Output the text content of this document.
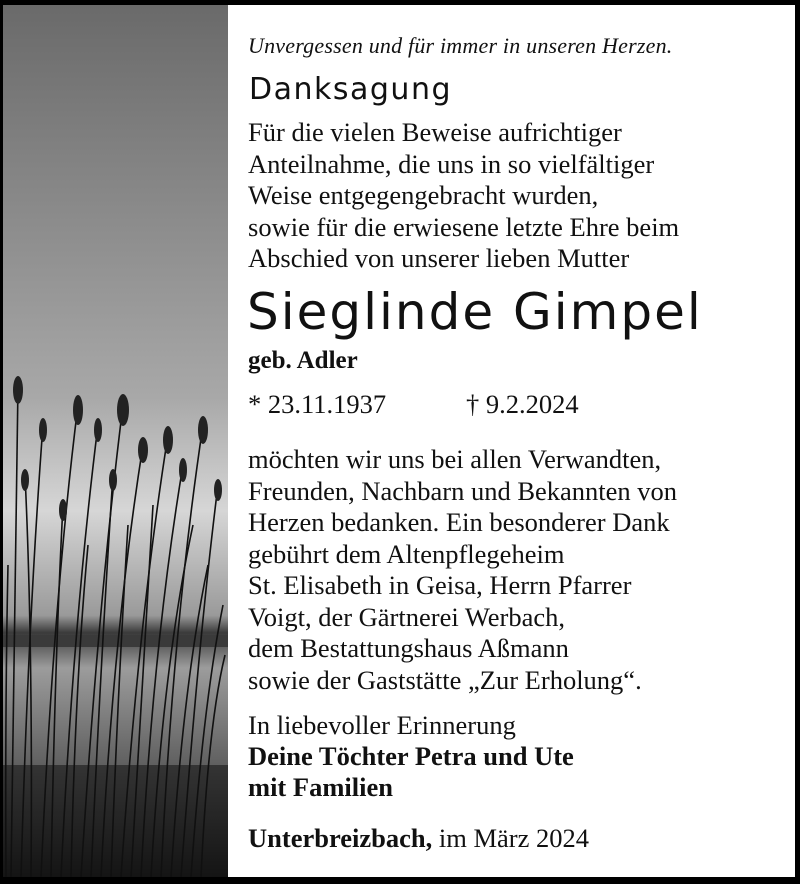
Unvergessen und für immer in unseren Herzen.
Danksagung
Für die vielen Beweise aufrichtiger
Anteilnahme, die uns in so vielfältiger
Weise entgegengebracht wurden,
sowie für die erwiesene letzte Ehre beim
Abschied von unserer lieben Mutter
Sieglinde Gimpel
geb. Adler
* 23.11.1937	† 9.2.2024
möchten wir uns bei allen Verwandten,
Freunden, Nachbarn und Bekannten von
Herzen bedanken. Ein besonderer Dank
gebührt dem Altenpflegeheim
St. Elisabeth in Geisa, Herrn Pfarrer
Voigt, der Gärtnerei Werbach,
dem Bestattungshaus Aßmann
sowie der Gaststätte „Zur Erholung“.
In liebevoller Erinnerung
Deine Töchter Petra und Ute
mit Familien
Unterbreizbach, im März 2024
